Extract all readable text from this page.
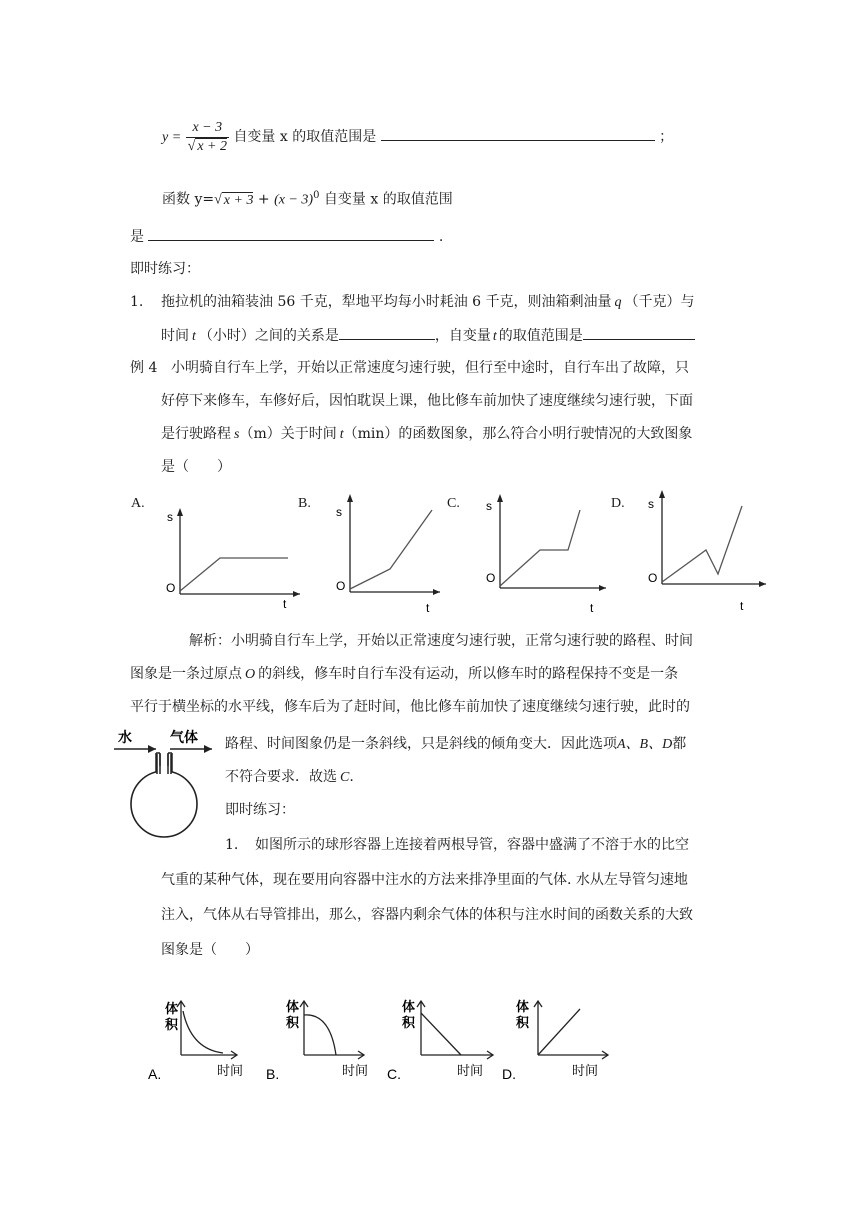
$y = \frac{x - 3}{√ x + 2}$ 自变量 x 的取值范围是	；
函数 y=√ $x + 3 + (x - 3)^0$ 自变量 x 的取值范围
是	.
即时练习：
1. 拖拉机的油箱装油 56 千克，犁地平均每小时耗油 6 千克，则油箱剩油量 q （千克）与
时间 t （小时）之间的关系是	，自变量 t 的取值范围是
例 4 小明骑自行车上学，开始以正常速度匀速行驶，但行至中途时，自行车出了故障，只
好停下来修车，车修好后，因怕耽误上课，他比修车前加快了速度继续匀速行驶，下面
是行驶路程 s（m）关于时间 t（min）的函数图象，那么符合小明行驶情况的大致图象
是（　　）
A.	B.	C.	D.
s
O
t
s
O
t
s
O
t
s
O
t
解析：小明骑自行车上学，开始以正常速度匀速行驶，正常匀速行驶的路程、时间
图象是一条过原点 O 的斜线，修车时自行车没有运动，所以修车时的路程保持不变是一条
平行于横坐标的水平线，修车后为了赶时间，他比修车前加快了速度继续匀速行驶，此时的
路程、时间图象仍是一条斜线，只是斜线的倾角变大．因此选项A、B、D都
不符合要求．故选 C.
水	气体
即时练习：
1. 如图所示的球形容器上连接着两根导管，容器中盛满了不溶于水的比空
气重的某种气体，现在要用向容器中注水的方法来排净里面的气体. 水从左导管匀速地
注入，气体从右导管排出，那么，容器内剩余气体的体积与注水时间的函数关系的大致
图象是（　　）
体
积
A.	时间
体
积
B.	时间
体
积
C.	时间
体
积
D.	时间
